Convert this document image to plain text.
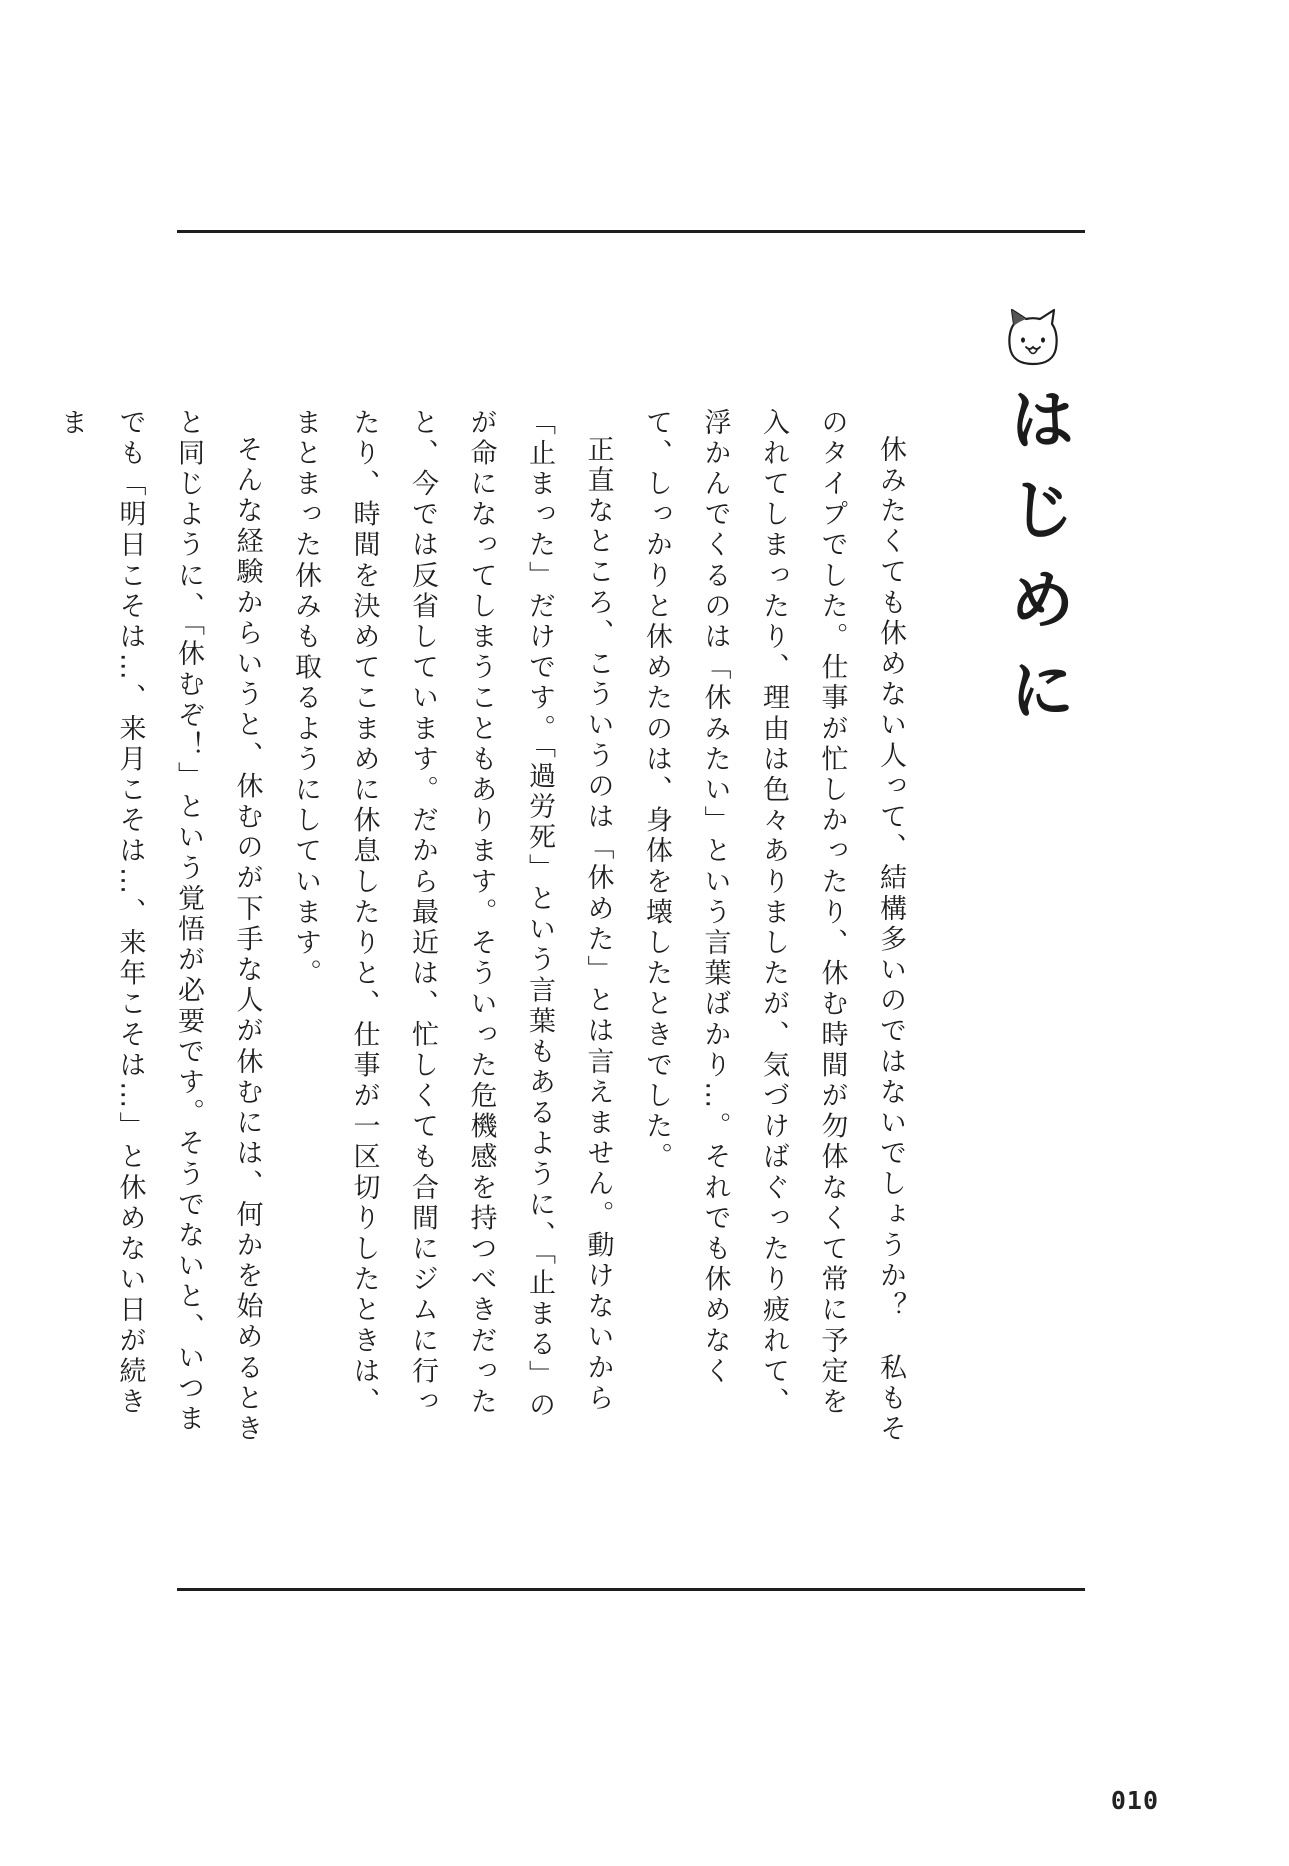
はじめに

休みたくても休めない人って、結構多いのではないでしょうか？　私もそのタイプでした。仕事が忙しかったり、休む時間が勿体なくて常に予定を入れてしまったり、理由は色々ありましたが、気づけばぐったり疲れて、浮かんでくるのは「休みたい」という言葉ばかり…。それでも休めなくて、しっかりと休めたのは、身体を壊したときでした。

正直なところ、こういうのは「休めた」とは言えません。動けないから「止まった」だけです。「過労死」という言葉もあるように、「止まる」のが命になってしまうこともあります。そういった危機感を持つべきだったと、今では反省しています。だから最近は、忙しくても合間にジムに行ったり、時間を決めてこまめに休息したりと、仕事が一区切りしたときは、まとまった休みも取るようにしています。

そんな経験からいうと、休むのが下手な人が休むには、何かを始めるときと同じように、「休むぞ！」という覚悟が必要です。そうでないと、いつまでも「明日こそは…、来月こそは…、来年こそは…」と休めない日が続きま

010
